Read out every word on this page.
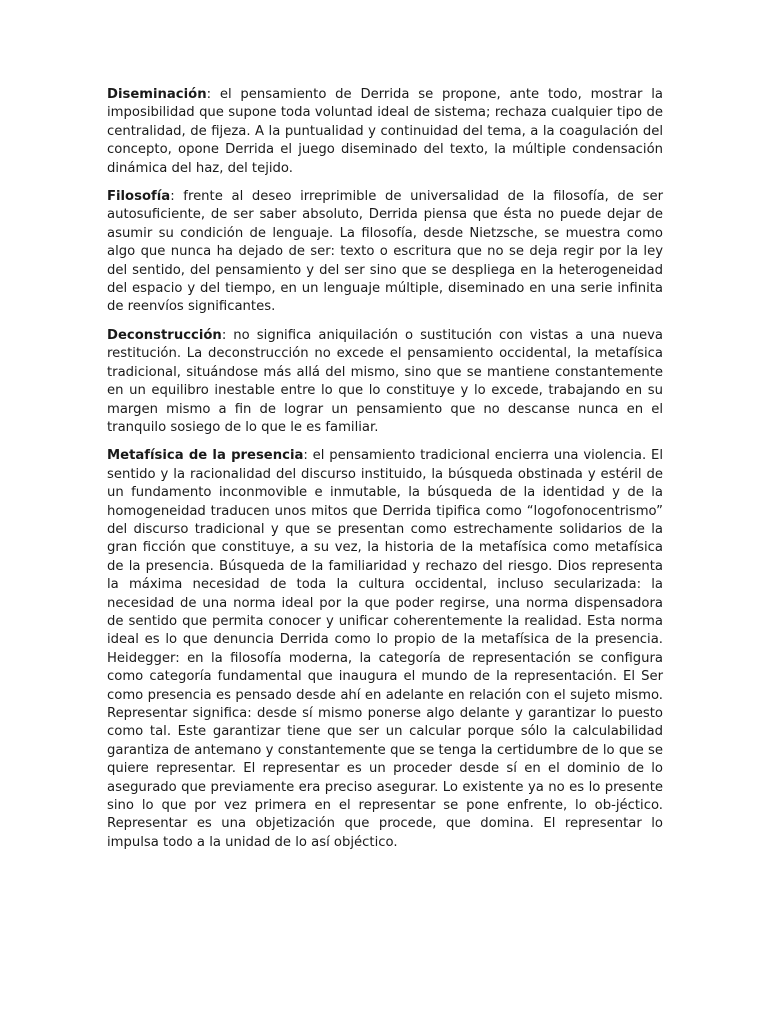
Diseminación: el pensamiento de Derrida se propone, ante todo, mostrar la imposibilidad que supone toda voluntad ideal de sistema; rechaza cualquier tipo de centralidad, de fijeza. A la puntualidad y continuidad del tema, a la coagulación del concepto, opone Derrida el juego diseminado del texto, la múltiple condensación dinámica del haz, del tejido.

Filosofía: frente al deseo irreprimible de universalidad de la filosofía, de ser autosuficiente, de ser saber absoluto, Derrida piensa que ésta no puede dejar de asumir su condición de lenguaje. La filosofía, desde Nietzsche, se muestra como algo que nunca ha dejado de ser: texto o escritura que no se deja regir por la ley del sentido, del pensamiento y del ser sino que se despliega en la heterogeneidad del espacio y del tiempo, en un lenguaje múltiple, diseminado en una serie infinita de reenvíos significantes.

Deconstrucción: no significa aniquilación o sustitución con vistas a una nueva restitución. La deconstrucción no excede el pensamiento occidental, la metafísica tradicional, situándose más allá del mismo, sino que se mantiene constantemente en un equilibro inestable entre lo que lo constituye y lo excede, trabajando en su margen mismo a fin de lograr un pensamiento que no descanse nunca en el tranquilo sosiego de lo que le es familiar.

Metafísica de la presencia: el pensamiento tradicional encierra una violencia. El sentido y la racionalidad del discurso instituido, la búsqueda obstinada y estéril de un fundamento inconmovible e inmutable, la búsqueda de la identidad y de la homogeneidad traducen unos mitos que Derrida tipifica como “logofonocentrismo” del discurso tradicional y que se presentan como estrechamente solidarios de la gran ficción que constituye, a su vez, la historia de la metafísica como metafísica de la presencia. Búsqueda de la familiaridad y rechazo del riesgo. Dios representa la máxima necesidad de toda la cultura occidental, incluso secularizada: la necesidad de una norma ideal por la que poder regirse, una norma dispensadora de sentido que permita conocer y unificar coherentemente la realidad. Esta norma ideal es lo que denuncia Derrida como lo propio de la metafísica de la presencia. Heidegger: en la filosofía moderna, la categoría de representación se configura como categoría fundamental que inaugura el mundo de la representación. El Ser como presencia es pensado desde ahí en adelante en relación con el sujeto mismo. Representar significa: desde sí mismo ponerse algo delante y garantizar lo puesto como tal. Este garantizar tiene que ser un calcular porque sólo la calculabilidad garantiza de antemano y constantemente que se tenga la certidumbre de lo que se quiere representar. El representar es un proceder desde sí en el dominio de lo asegurado que previamente era preciso asegurar. Lo existente ya no es lo presente sino lo que por vez primera en el representar se pone enfrente, lo ob-jéctico. Representar es una objetización que procede, que domina. El representar lo impulsa todo a la unidad de lo así objéctico.
